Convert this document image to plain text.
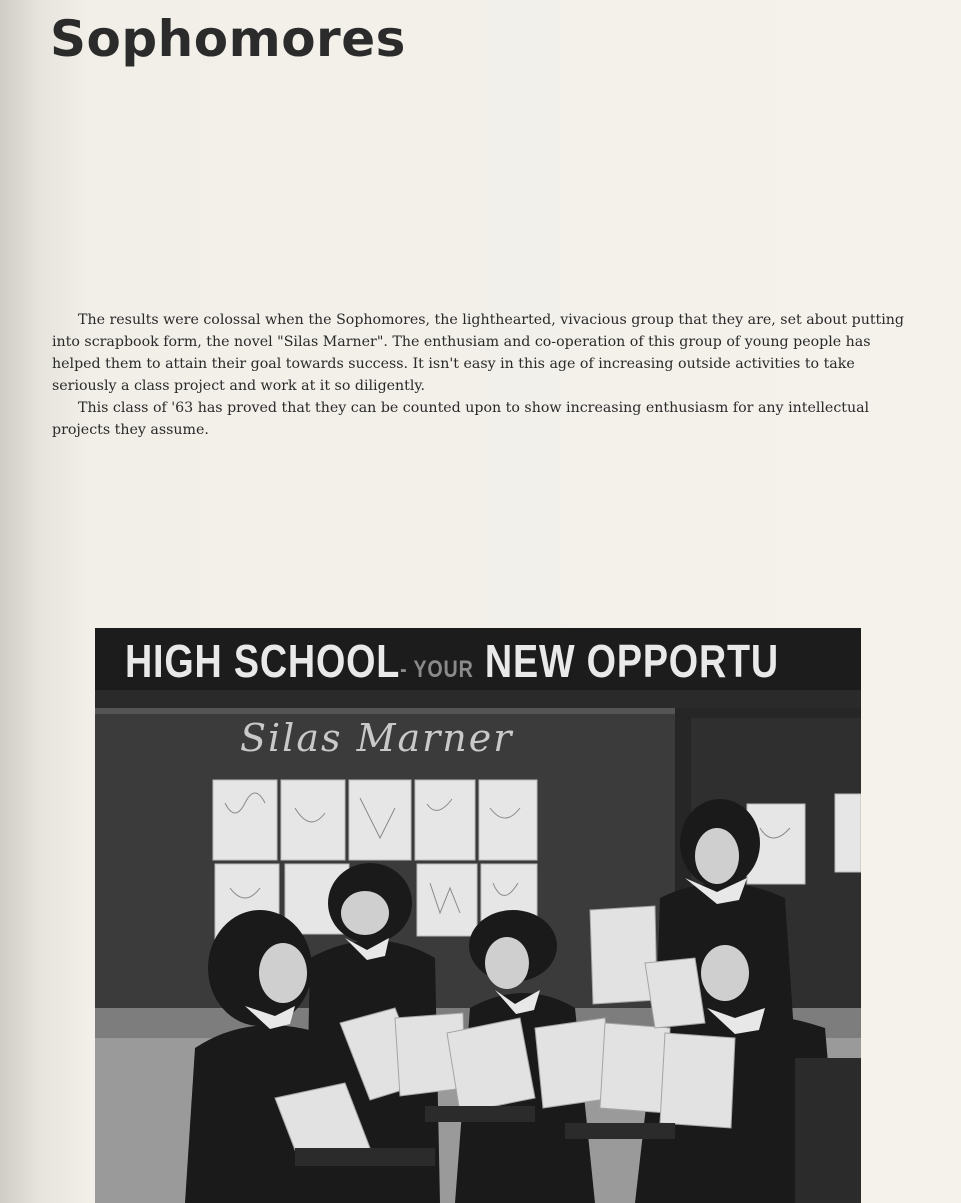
Sophomores

The results were colossal when the Sophomores, the lighthearted, vivacious group that they are, set about putting into scrapbook form, the novel "Silas Marner". The enthusiam and co-operation of this group of young people has helped them to attain their goal towards success. It isn't easy in this age of increasing outside activities to take seriously a class project and work at it so diligently.

This class of '63 has proved that they can be counted upon to show increasing enthusiasm for any intellectual projects they assume.

HIGH SCHOOL- YOUR NEW OPPORTU
Silas Marner
